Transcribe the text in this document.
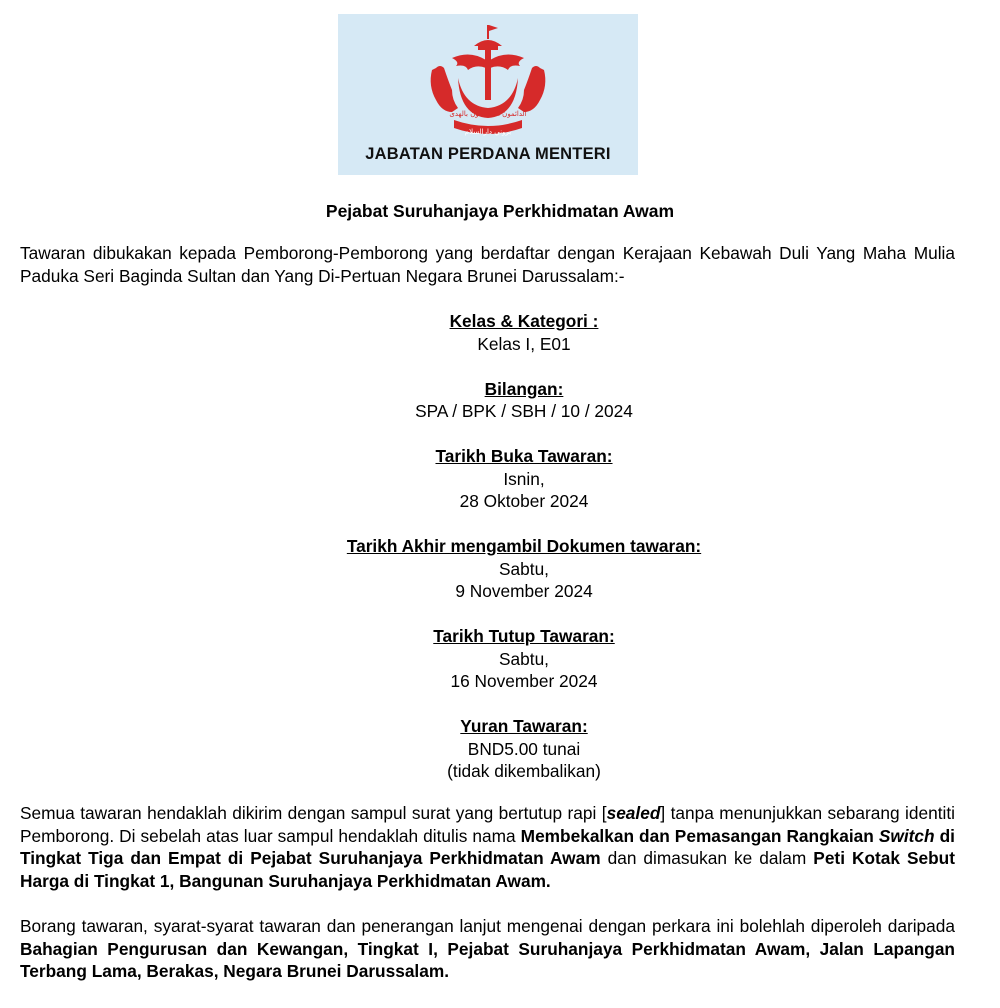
الدائمون المحسنون بالهدى
بروني دارالسلام
JABATAN PERDANA MENTERI
Pejabat Suruhanjaya Perkhidmatan Awam

Tawaran dibukakan kepada Pemborong-Pemborong yang berdaftar dengan Kerajaan Kebawah Duli Yang Maha Mulia Paduka Seri Baginda Sultan dan Yang Di-Pertuan Negara Brunei Darussalam:-

Kelas & Kategori :
Kelas I, E01
Bilangan:
SPA / BPK / SBH / 10 / 2024
Tarikh Buka Tawaran:
Isnin,
28 Oktober 2024
Tarikh Akhir mengambil Dokumen tawaran:
Sabtu,
9 November 2024
Tarikh Tutup Tawaran:
Sabtu,
16 November 2024
Yuran Tawaran:
BND5.00 tunai
(tidak dikembalikan)

Semua tawaran hendaklah dikirim dengan sampul surat yang bertutup rapi [sealed] tanpa menunjukkan sebarang identiti Pemborong. Di sebelah atas luar sampul hendaklah ditulis nama Membekalkan dan Pemasangan Rangkaian Switch di Tingkat Tiga dan Empat di Pejabat Suruhanjaya Perkhidmatan Awam dan dimasukan ke dalam Peti Kotak Sebut Harga di Tingkat 1, Bangunan Suruhanjaya Perkhidmatan Awam.

Borang tawaran, syarat-syarat tawaran dan penerangan lanjut mengenai dengan perkara ini bolehlah diperoleh daripada Bahagian Pengurusan dan Kewangan, Tingkat I, Pejabat Suruhanjaya Perkhidmatan Awam, Jalan Lapangan Terbang Lama, Berakas, Negara Brunei Darussalam.
